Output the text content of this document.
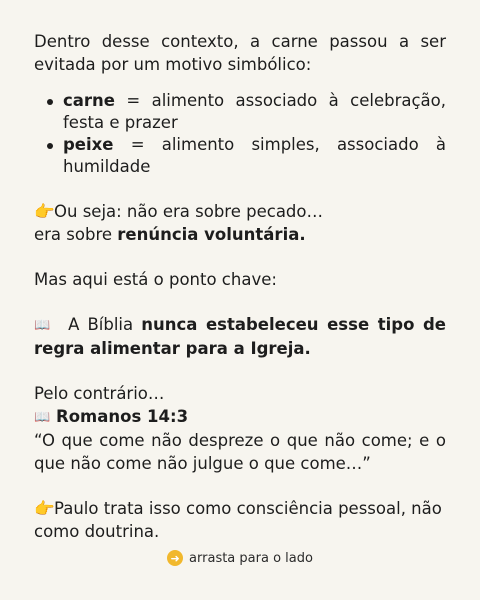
Dentro desse contexto, a carne passou a ser evitada por um motivo simbólico:

carne = alimento associado à celebração, festa e prazer
peixe = alimento simples, associado à humildade

👉Ou seja: não era sobre pecado…
era sobre renúncia voluntária.

Mas aqui está o ponto chave:

📖 A Bíblia nunca estabeleceu esse tipo de regra alimentar para a Igreja.

Pelo contrário…
📖 Romanos 14:3

“O que come não despreze o que não come; e o que não come não julgue o que come…”

👉Paulo trata isso como consciência pessoal, não como doutrina.

➜ arrasta para o lado
